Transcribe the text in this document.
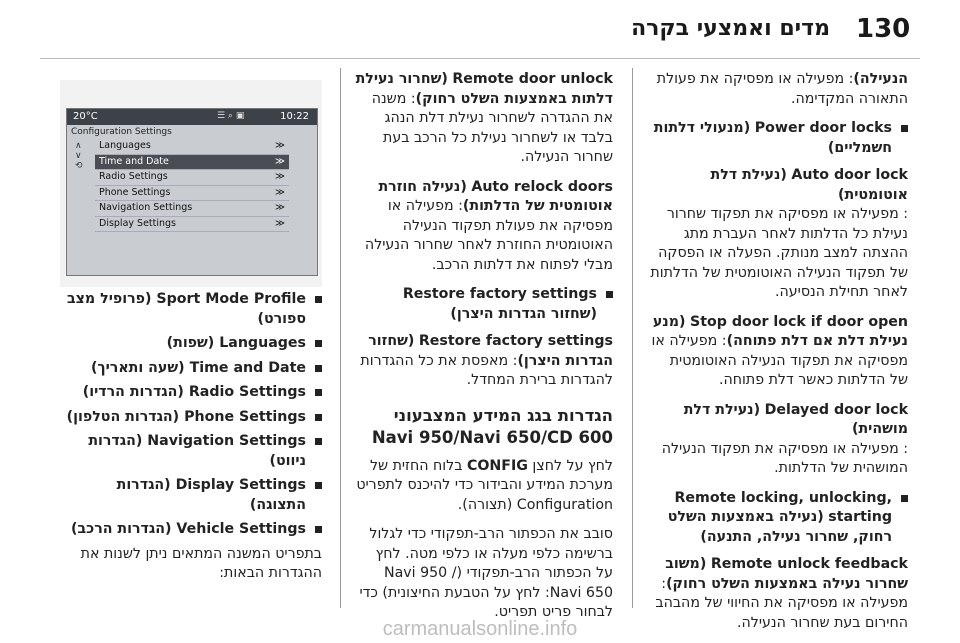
130
מדים ואמצעי בקרה

הנעילה): מפעילה או מפסיקה את פעולת התאורה המקדימה.

Power door locks (מנעולי דלתות חשמליים)

Auto door lock (נעילת דלת
אוטומטית)
: מפעילה או מפסיקה את תפקוד שחרור נעילת כל הדלתות לאחר העברת מתג ההצתה למצב מנותק. הפעלה או הפסקה של תפקוד הנעילה האוטומטית של הדלתות לאחר תחילת הנסיעה.

Stop door lock if door open (מנע נעילת דלת אם דלת פתוחה): מפעילה או מפסיקה את תפקוד הנעילה האוטומטית של הדלתות כאשר דלת פתוחה.

Delayed door lock (נעילת דלת
מושהית)
: מפעילה או מפסיקה את תפקוד הנעילה המושהית של הדלתות.

Remote locking, unlocking, starting (נעילה באמצעות השלט רחוק, שחרור נעילה, התנעה)

Remote unlock feedback (משוב שחרור נעילה באמצעות השלט רחוק): מפעילה או מפסיקה את החיווי של מהבהב החירום בעת שחרור הנעילה.

Remote door unlock (שחרור נעילת דלתות באמצעות השלט רחוק): משנה את ההגדרה לשחרור נעילת דלת הנהג בלבד או לשחרור נעילת כל הרכב בעת שחרור הנעילה.

Auto relock doors (נעילה חוזרת אוטומטית של הדלתות): מפעילה או מפסיקה את פעולת תפקוד הנעילה האוטומטית החוזרת לאחר שחרור הנעילה מבלי לפתוח את דלתות הרכב.

Restore factory settings (שחזור הגדרות היצרן)

Restore factory settings (שחזור הגדרות היצרן): מאפסת את כל ההגדרות להגדרות ברירת המחדל.

הגדרות בגג המידע המצבעוני
Navi 950/Navi 650/CD 600

לחץ על לחצן CONFIG בלוח החזית של מערכת המידע והבידור כדי להיכנס לתפריט Configuration (תצורה).

סובב את הכפתור הרב-תפקודי כדי לגלול ברשימה כלפי מעלה או כלפי מטה. לחץ על הכפתור הרב-תפקודי (Navi 950 / Navi 650: לחץ על הטבעת החיצונית) כדי לבחור פריט תפריט.

20°C	☰ ⌕ ▣	10:22
Configuration Settings
∧ ∨ ⟲
Languages	≫
Time and Date	≫
Radio Settings	≫
Phone Settings	≫
Navigation Settings	≫
Display Settings	≫
Sport Mode Profile (פרופיל מצב ספורט)
Languages (שפות)
Time and Date (שעה ותאריך)
Radio Settings (הגדרות הרדיו)
Phone Settings (הגדרות הטלפון)
Navigation Settings (הגדרות ניווט)
Display Settings (הגדרות התצוגה)
Vehicle Settings (הגדרות הרכב)

בתפריט המשנה המתאים ניתן לשנות את ההגדרות הבאות:

carmanualsonline.info
